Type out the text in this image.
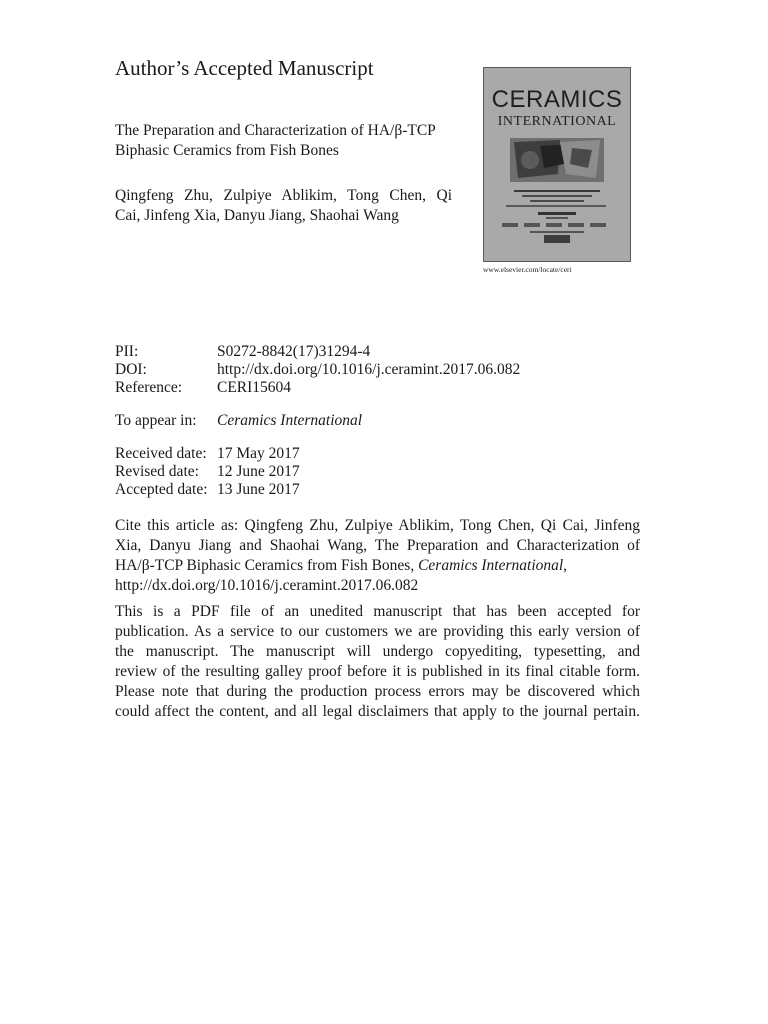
Author’s Accepted Manuscript
The Preparation and Characterization of HA/β-TCP
Biphasic Ceramics from Fish Bones
Qingfeng Zhu, Zulpiye Ablikim, Tong Chen, Qi
Cai, Jinfeng Xia, Danyu Jiang, Shaohai Wang
CERAMICS
INTERNATIONAL
www.elsevier.com/locate/ceri
PII:	S0272-8842(17)31294-4
DOI:	http://dx.doi.org/10.1016/j.ceramint.2017.06.082
Reference: CERI15604
To appear in: Ceramics International
Received date: 17 May 2017
Revised date: 12 June 2017
Accepted date: 13 June 2017
Cite this article as: Qingfeng Zhu, Zulpiye Ablikim, Tong Chen, Qi Cai, Jinfeng
Xia, Danyu Jiang and Shaohai Wang, The Preparation and Characterization of
HA/β-TCP Biphasic Ceramics from Fish Bones, Ceramics International,
http://dx.doi.org/10.1016/j.ceramint.2017.06.082
This is a PDF file of an unedited manuscript that has been accepted for
publication. As a service to our customers we are providing this early version of
the manuscript. The manuscript will undergo copyediting, typesetting, and
review of the resulting galley proof before it is published in its final citable form.
Please note that during the production process errors may be discovered which
could affect the content, and all legal disclaimers that apply to the journal pertain.
